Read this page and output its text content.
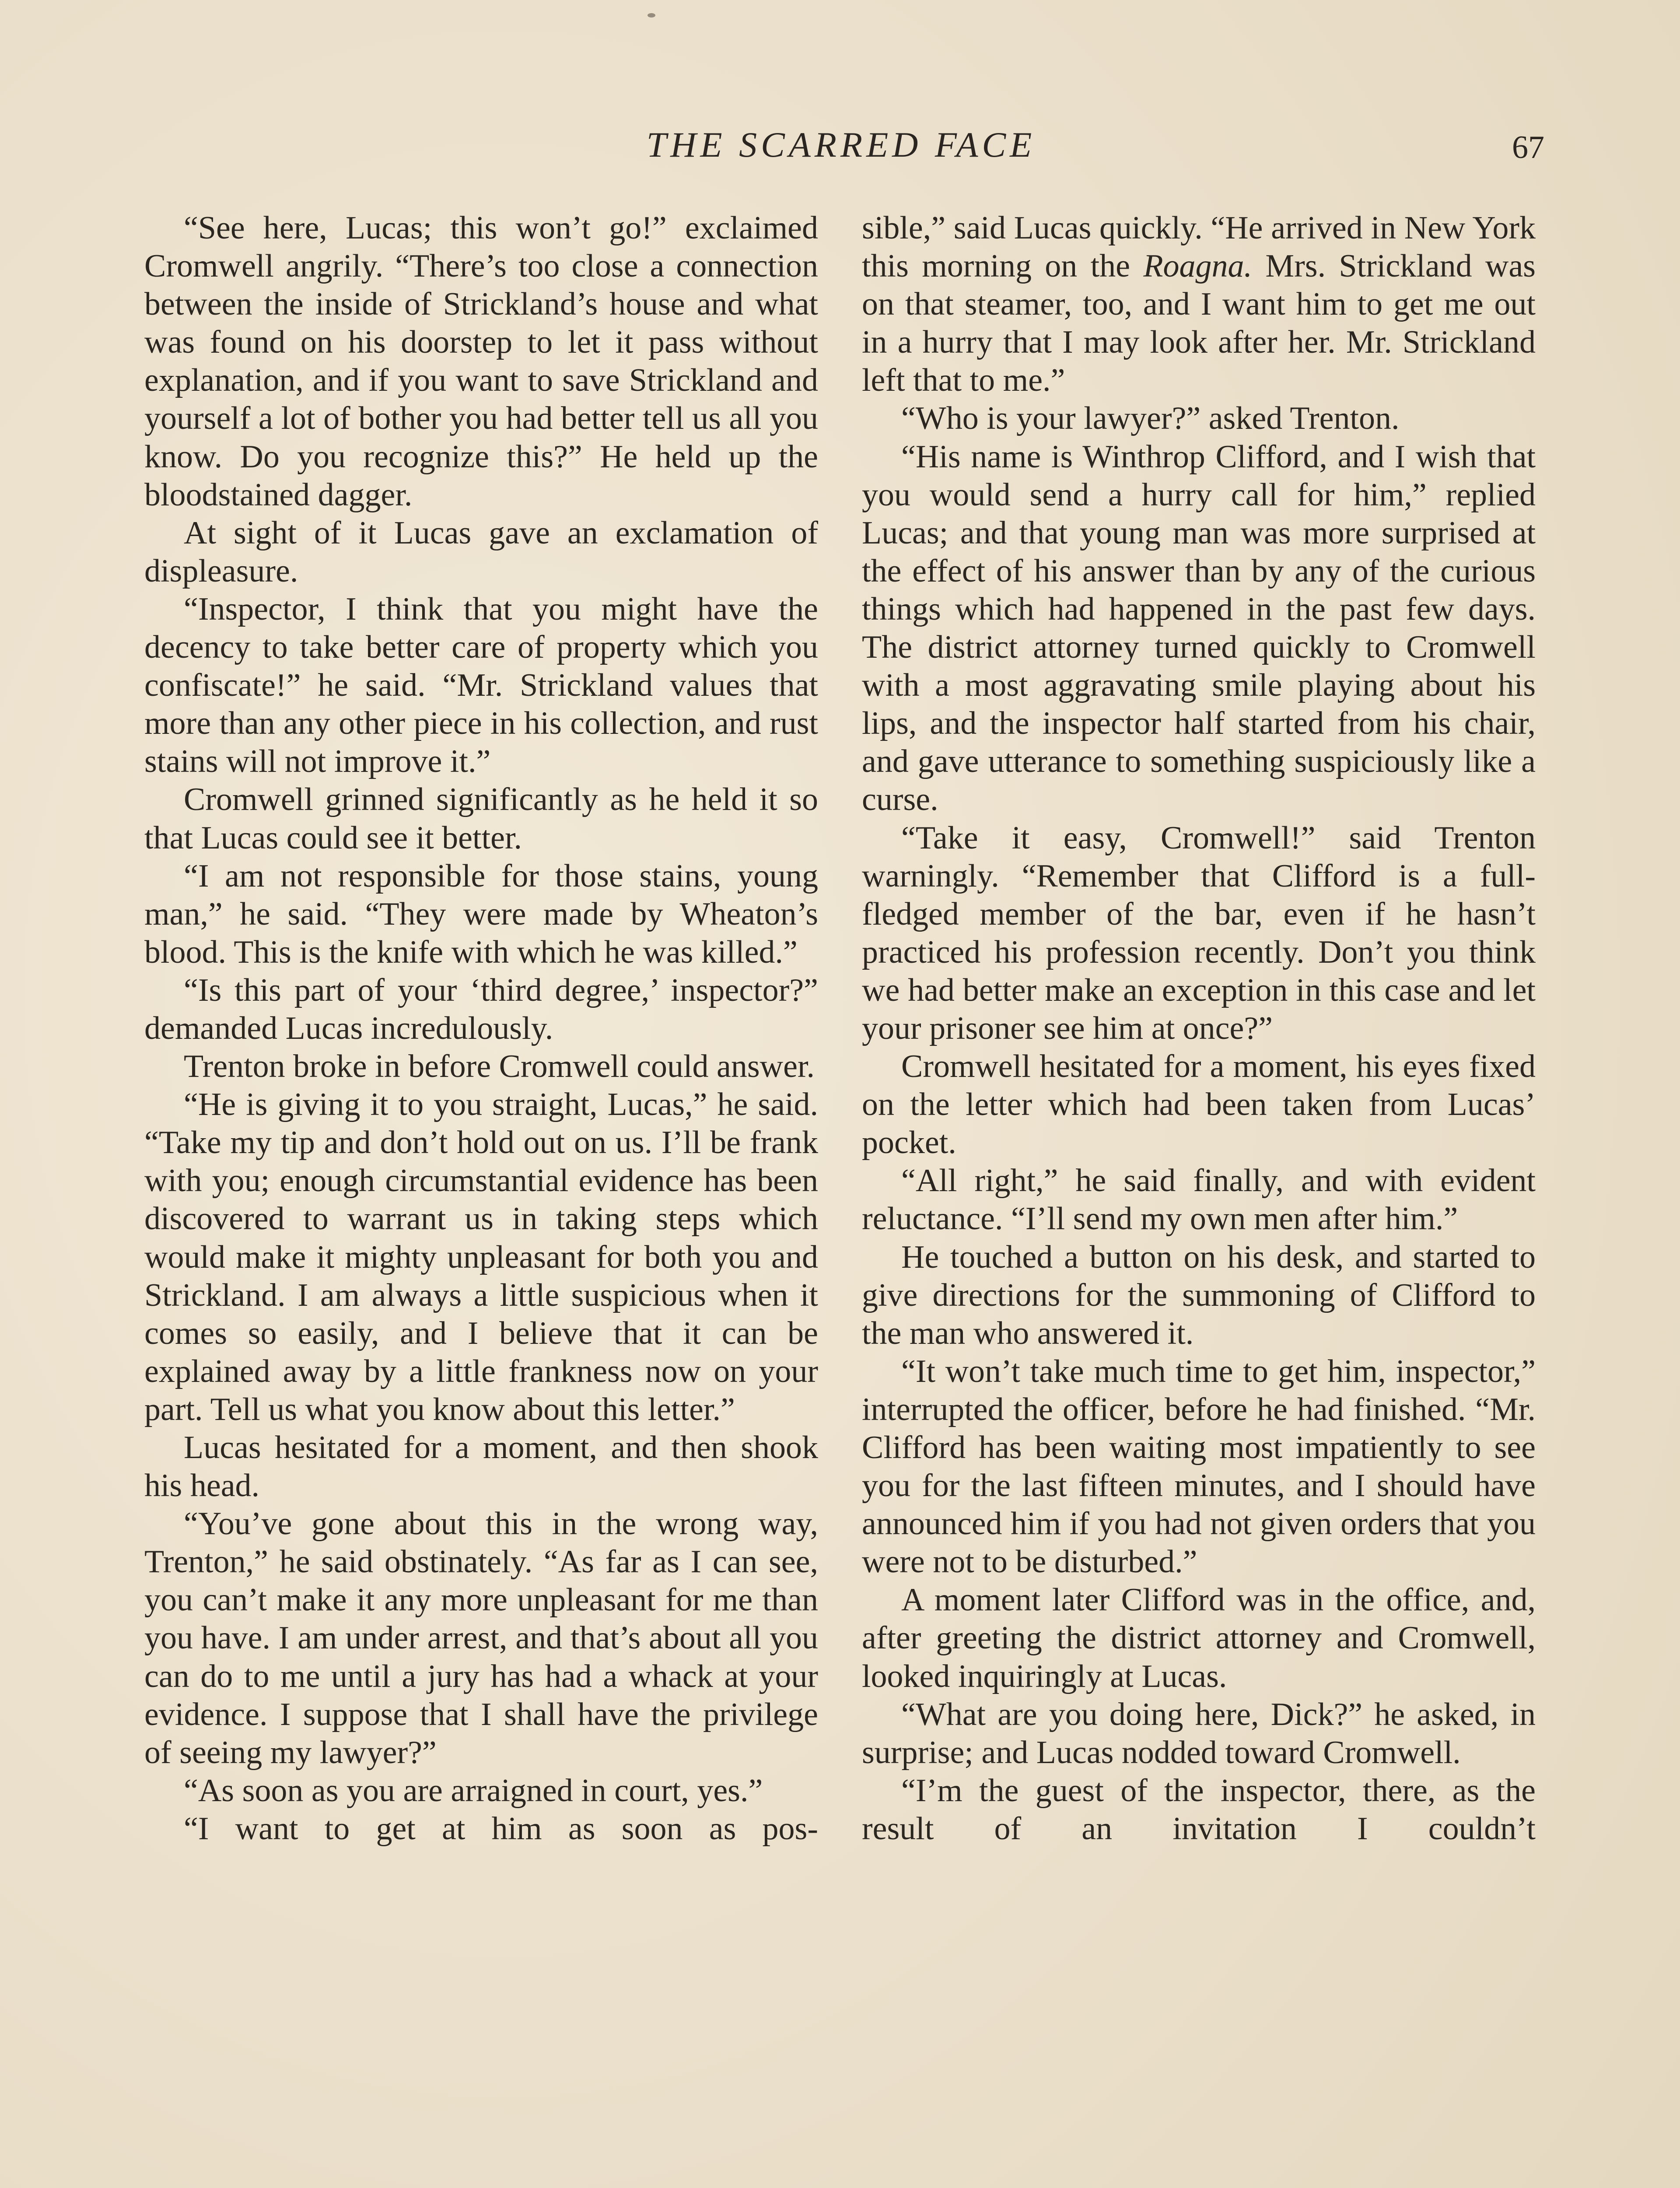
THE SCARRED FACE	67

“See here, Lucas; this won’t go!” exclaimed Cromwell angrily. “There’s too close a connection between the inside of Strickland’s house and what was found on his doorstep to let it pass without explanation, and if you want to save Strickland and yourself a lot of bother you had better tell us all you know. Do you recognize this?” He held up the bloodstained dagger.

At sight of it Lucas gave an exclamation of displeasure.

“Inspector, I think that you might have the decency to take better care of property which you confiscate!” he said. “Mr. Strickland values that more than any other piece in his collection, and rust stains will not improve it.”

Cromwell grinned significantly as he held it so that Lucas could see it better.

“I am not responsible for those stains, young man,” he said. “They were made by Wheaton’s blood. This is the knife with which he was killed.”

“Is this part of your ‘third degree,’ inspector?” demanded Lucas incredulously.

Trenton broke in before Cromwell could answer.

“He is giving it to you straight, Lucas,” he said. “Take my tip and don’t hold out on us. I’ll be frank with you; enough circumstantial evidence has been discovered to warrant us in taking steps which would make it mighty unpleasant for both you and Strickland. I am always a little suspicious when it comes so easily, and I believe that it can be explained away by a little frankness now on your part. Tell us what you know about this letter.”

Lucas hesitated for a moment, and then shook his head.

“You’ve gone about this in the wrong way, Trenton,” he said obstinately. “As far as I can see, you can’t make it any more unpleasant for me than you have. I am under arrest, and that’s about all you can do to me until a jury has had a whack at your evidence. I suppose that I shall have the privilege of seeing my lawyer?”

“As soon as you are arraigned in court, yes.”

“I want to get at him as soon as pos-

sible,” said Lucas quickly. “He arrived in New York this morning on the Roagna. Mrs. Strickland was on that steamer, too, and I want him to get me out in a hurry that I may look after her. Mr. Strickland left that to me.”

“Who is your lawyer?” asked Trenton.

“His name is Winthrop Clifford, and I wish that you would send a hurry call for him,” replied Lucas; and that young man was more surprised at the effect of his answer than by any of the curious things which had happened in the past few days. The district attorney turned quickly to Cromwell with a most aggravating smile playing about his lips, and the inspector half started from his chair, and gave utterance to something suspiciously like a curse.

“Take it easy, Cromwell!” said Trenton warningly. “Remember that Clifford is a full-fledged member of the bar, even if he hasn’t practiced his profession recently. Don’t you think we had better make an exception in this case and let your prisoner see him at once?”

Cromwell hesitated for a moment, his eyes fixed on the letter which had been taken from Lucas’ pocket.

“All right,” he said finally, and with evident reluctance. “I’ll send my own men after him.”

He touched a button on his desk, and started to give directions for the summoning of Clifford to the man who answered it.

“It won’t take much time to get him, inspector,” interrupted the officer, before he had finished. “Mr. Clifford has been waiting most impatiently to see you for the last fifteen minutes, and I should have announced him if you had not given orders that you were not to be disturbed.”

A moment later Clifford was in the office, and, after greeting the district attorney and Cromwell, looked inquiringly at Lucas.

“What are you doing here, Dick?” he asked, in surprise; and Lucas nodded toward Cromwell.

“I’m the guest of the inspector, there, as the result of an invitation I couldn’t
